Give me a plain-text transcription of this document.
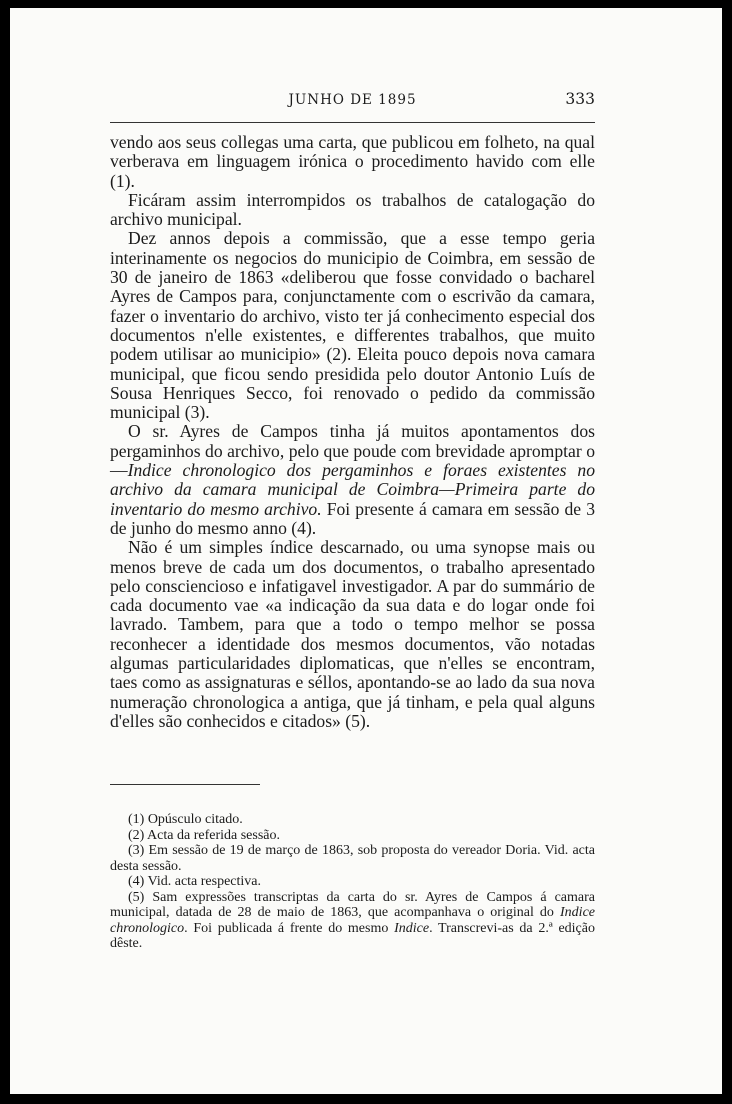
JUNHO DE 1895	333

vendo aos seus collegas uma carta, que publicou em folheto, na qual verberava em linguagem irónica o procedimento havido com elle (1).

Ficáram assim interrompidos os trabalhos de catalogação do archivo municipal.

Dez annos depois a commissão, que a esse tempo geria interinamente os negocios do municipio de Coimbra, em sessão de 30 de janeiro de 1863 «deliberou que fosse convidado o bacharel Ayres de Campos para, conjunctamente com o escrivão da camara, fazer o inventario do archivo, visto ter já conhecimento especial dos documentos n'elle existentes, e differentes trabalhos, que muito podem utilisar ao municipio» (2). Eleita pouco depois nova camara municipal, que ficou sendo presidida pelo doutor Antonio Luís de Sousa Henriques Secco, foi renovado o pedido da commissão municipal (3).

O sr. Ayres de Campos tinha já muitos apontamentos dos pergaminhos do archivo, pelo que poude com brevidade apromptar o—Indice chronologico dos pergaminhos e foraes existentes no archivo da camara municipal de Coimbra—Primeira parte do inventario do mesmo archivo. Foi presente á camara em sessão de 3 de junho do mesmo anno (4).

Não é um simples índice descarnado, ou uma synopse mais ou menos breve de cada um dos documentos, o trabalho apresentado pelo consciencioso e infatigavel investigador. A par do summário de cada documento vae «a indicação da sua data e do logar onde foi lavrado. Tambem, para que a todo o tempo melhor se possa reconhecer a identidade dos mesmos documentos, vão notadas algumas particularidades diplomaticas, que n'elles se encontram, taes como as assignaturas e séllos, apontando-se ao lado da sua nova numeração chronologica a antiga, que já tinham, e pela qual alguns d'elles são conhecidos e citados» (5).

(1) Opúsculo citado.

(2) Acta da referida sessão.

(3) Em sessão de 19 de março de 1863, sob proposta do vereador Doria. Vid. acta desta sessão.

(4) Vid. acta respectiva.

(5) Sam expressões transcriptas da carta do sr. Ayres de Campos á camara municipal, datada de 28 de maio de 1863, que acompanhava o original do Indice chronologico. Foi publicada á frente do mesmo Indice. Transcrevi-as da 2.ª edição dêste.
